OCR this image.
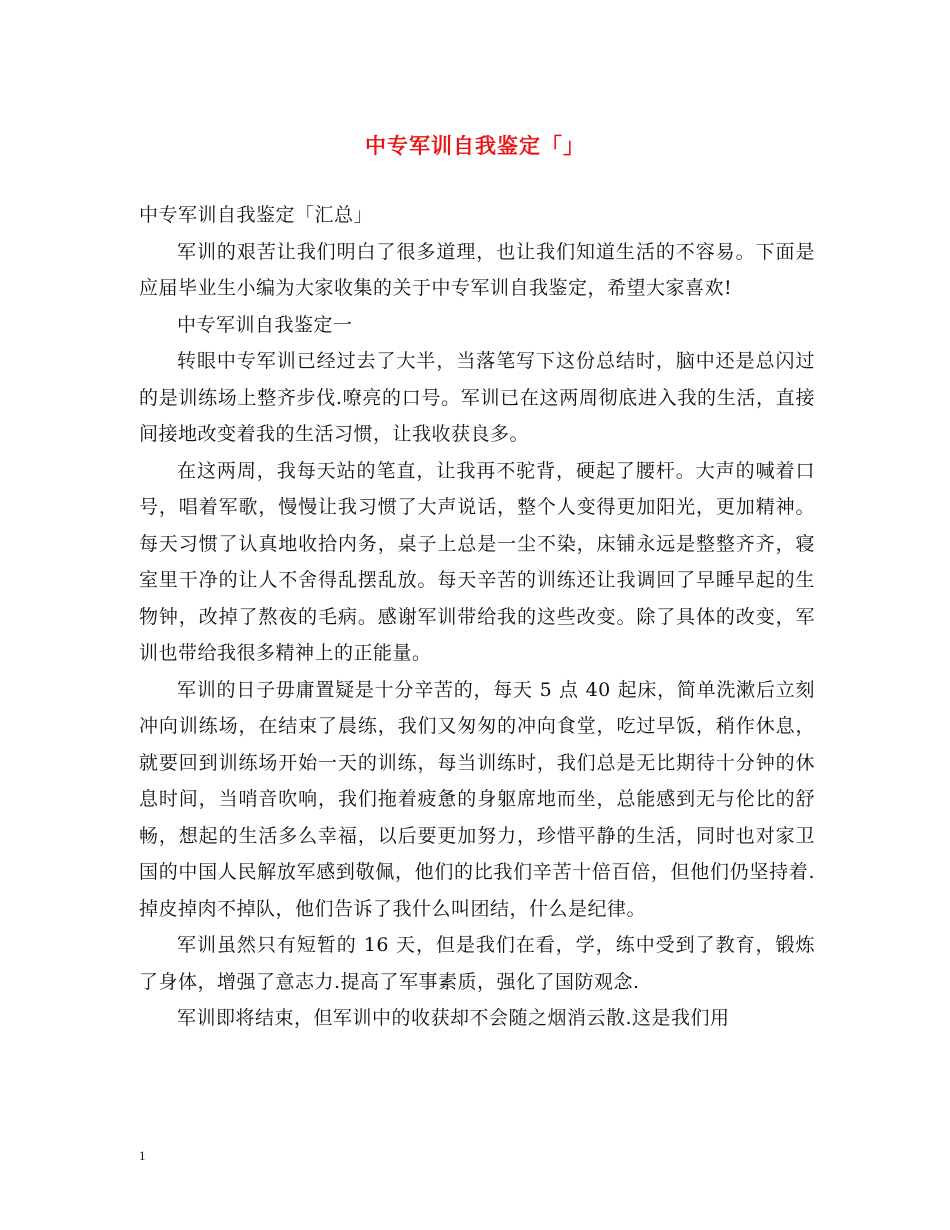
中专军训自我鉴定「」

中专军训自我鉴定「汇总」

军训的艰苦让我们明白了很多道理，也让我们知道生活的不容易。下面是应届毕业生小编为大家收集的关于中专军训自我鉴定，希望大家喜欢!

中专军训自我鉴定一

转眼中专军训已经过去了大半，当落笔写下这份总结时，脑中还是总闪过的是训练场上整齐步伐.嘹亮的口号。军训已在这两周彻底进入我的生活，直接间接地改变着我的生活习惯，让我收获良多。

在这两周，我每天站的笔直，让我再不驼背，硬起了腰杆。大声的喊着口号，唱着军歌，慢慢让我习惯了大声说话，整个人变得更加阳光，更加精神。每天习惯了认真地收拾内务，桌子上总是一尘不染，床铺永远是整整齐齐，寝室里干净的让人不舍得乱摆乱放。每天辛苦的训练还让我调回了早睡早起的生物钟，改掉了熬夜的毛病。感谢军训带给我的这些改变。除了具体的改变，军训也带给我很多精神上的正能量。

军训的日子毋庸置疑是十分辛苦的，每天 5 点 40 起床，简单洗漱后立刻冲向训练场，在结束了晨练，我们又匆匆的冲向食堂，吃过早饭，稍作休息，就要回到训练场开始一天的训练，每当训练时，我们总是无比期待十分钟的休息时间，当哨音吹响，我们拖着疲惫的身躯席地而坐，总能感到无与伦比的舒畅，想起的生活多么幸福，以后要更加努力，珍惜平静的生活，同时也对家卫国的中国人民解放军感到敬佩，他们的比我们辛苦十倍百倍，但他们仍坚持着.掉皮掉肉不掉队，他们告诉了我什么叫团结，什么是纪律。

军训虽然只有短暂的 16 天，但是我们在看，学，练中受到了教育，锻炼了身体，增强了意志力.提高了军事素质，强化了国防观念.

军训即将结束，但军训中的收获却不会随之烟消云散.这是我们用

1
